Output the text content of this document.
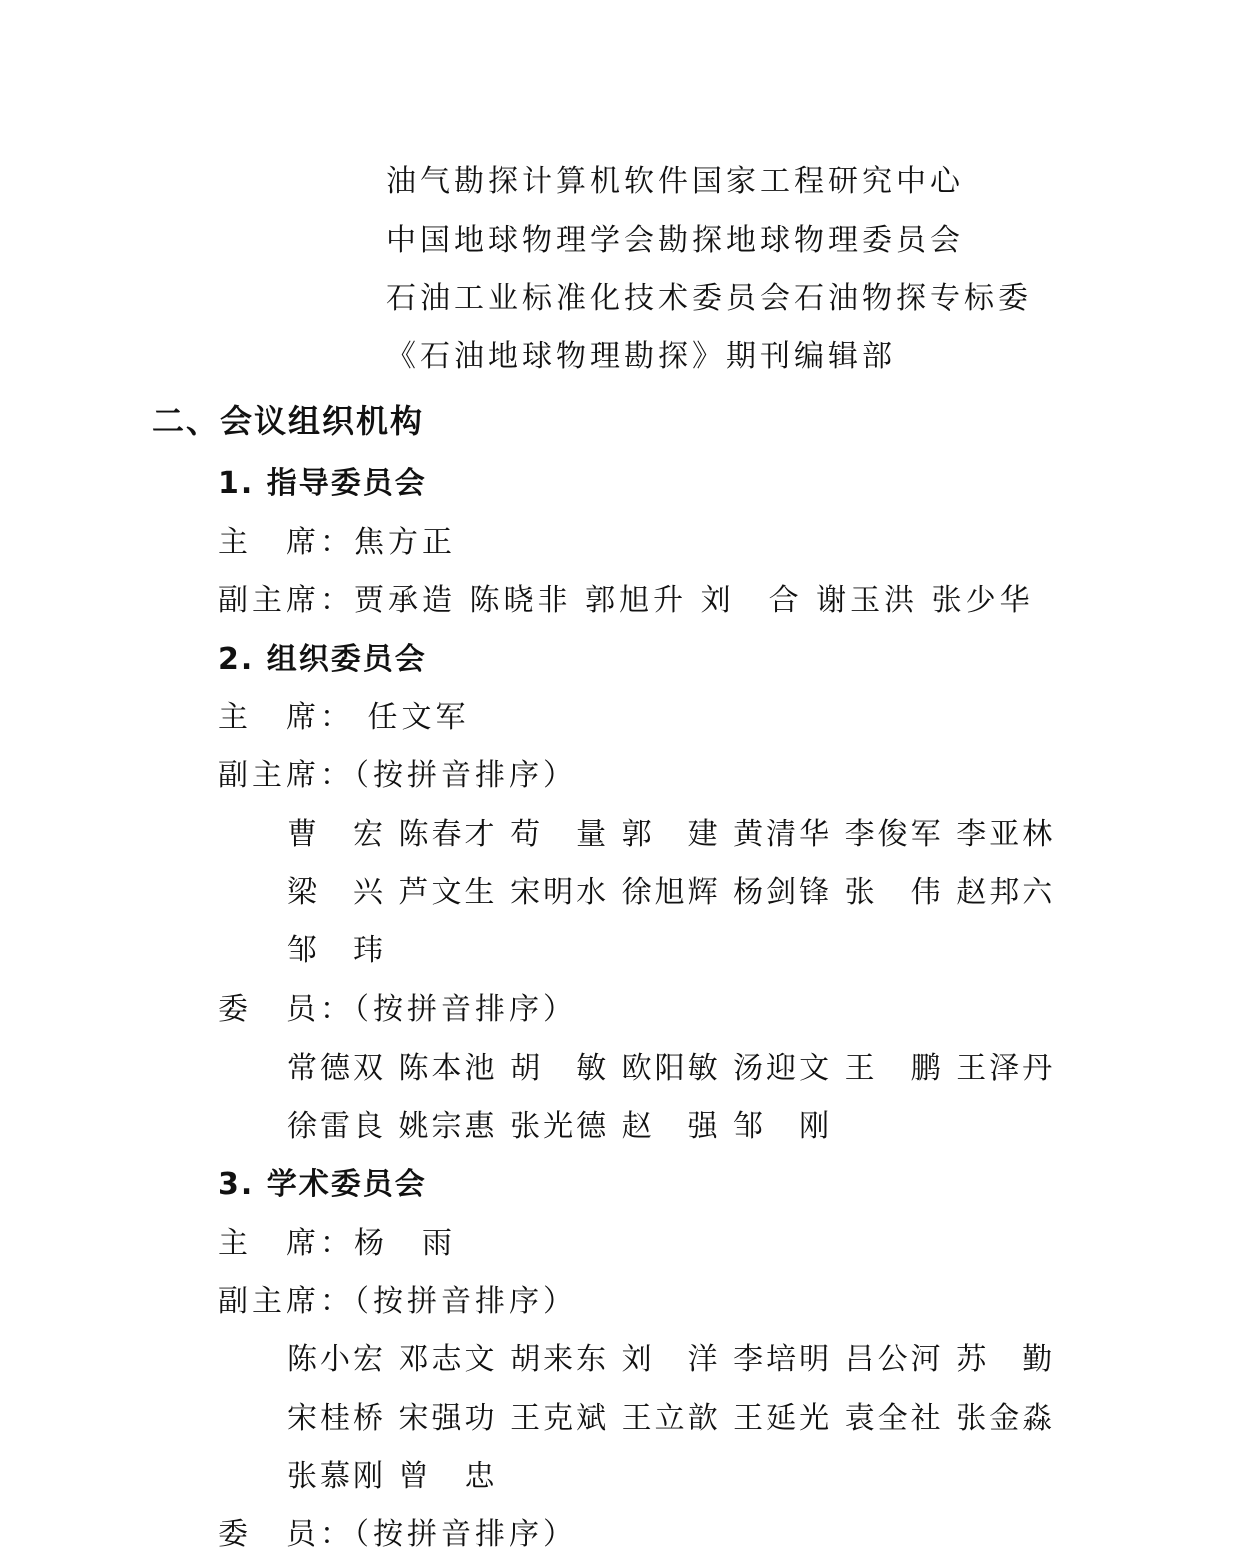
油气勘探计算机软件国家工程研究中心
中国地球物理学会勘探地球物理委员会
石油工业标准化技术委员会石油物探专标委
《石油地球物理勘探》期刊编辑部
二、会议组织机构
1. 指导委员会
主　席：焦方正
副主席：贾承造 陈晓非 郭旭升 刘　合 谢玉洪 张少华
2. 组织委员会
主　席： 任文军
副主席：（按拼音排序）
曹　宏 陈春才 苟　量 郭　建 黄清华 李俊军 李亚林
梁　兴 芦文生 宋明水 徐旭辉 杨剑锋 张　伟 赵邦六
邹　玮
委　员：（按拼音排序）
常德双 陈本池 胡　敏 欧阳敏 汤迎文 王　鹏 王泽丹
徐雷良 姚宗惠 张光德 赵　强 邹　刚
3. 学术委员会
主　席：杨　雨
副主席：（按拼音排序）
陈小宏 邓志文 胡来东 刘　洋 李培明 吕公河 苏　勤
宋桂桥 宋强功 王克斌 王立歆 王延光 袁全社 张金淼
张慕刚 曾　忠
委　员：（按拼音排序）
